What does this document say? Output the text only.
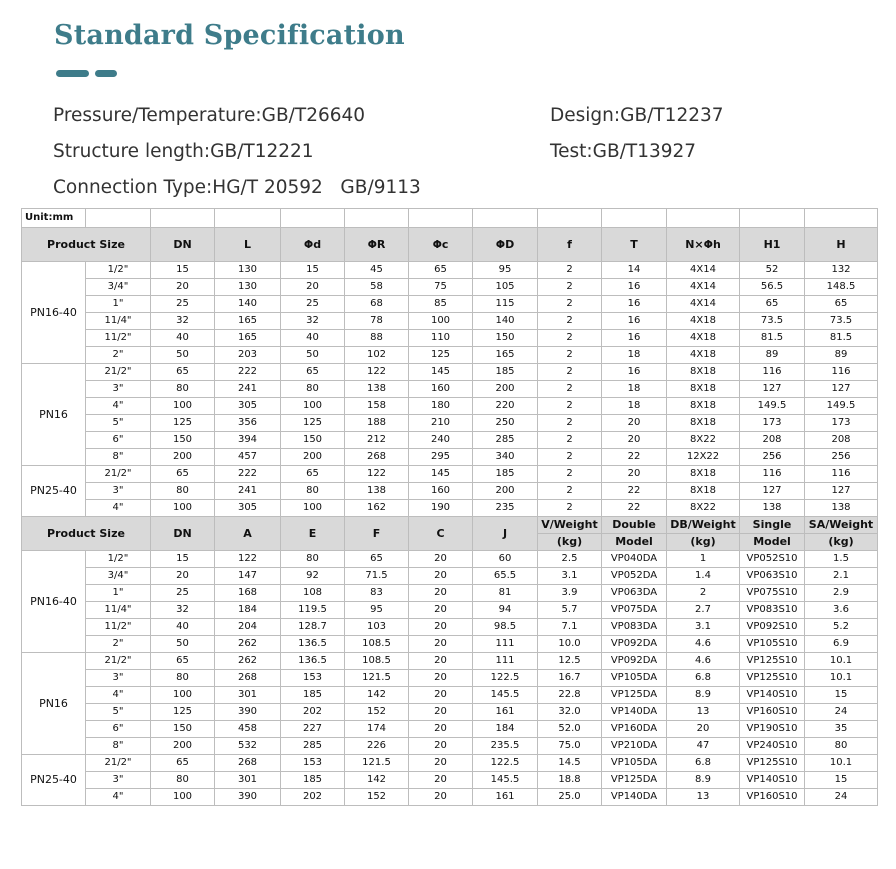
Standard Specification
Pressure/Temperature:GB/T26640	Design:GB/T12237
Structure length:GB/T12221	Test:GB/T13927
Connection Type:HG/T 20592   GB/9113
Unit:mm												
Product Size		DN	L	Φd	ΦR	Φc	ΦD	f	T	N×Φh	H1	H
PN16-40	1/2"	15	130	15	45	65	95	2	14	4X14	52	132
	3/4"	20	130	20	58	75	105	2	16	4X14	56.5	148.5
	1"	25	140	25	68	85	115	2	16	4X14	65	65
	11/4"	32	165	32	78	100	140	2	16	4X18	73.5	73.5
	11/2"	40	165	40	88	110	150	2	16	4X18	81.5	81.5
	2"	50	203	50	102	125	165	2	18	4X18	89	89
PN16	21/2"	65	222	65	122	145	185	2	16	8X18	116	116
	3"	80	241	80	138	160	200	2	18	8X18	127	127
	4"	100	305	100	158	180	220	2	18	8X18	149.5	149.5
	5"	125	356	125	188	210	250	2	20	8X18	173	173
	6"	150	394	150	212	240	285	2	20	8X22	208	208
	8"	200	457	200	268	295	340	2	22	12X22	256	256
PN25-40	21/2"	65	222	65	122	145	185	2	20	8X18	116	116
	3"	80	241	80	138	160	200	2	22	8X18	127	127
	4"	100	305	100	162	190	235	2	22	8X22	138	138
Product Size		DN	A	E	F	C	J	V/Weight	Double	DB/Weight	Single	SA/Weight
								(kg)	Model	(kg)	Model	(kg)
PN16-40	1/2"	15	122	80	65	20	60	2.5	VP040DA	1	VP052S10	1.5
	3/4"	20	147	92	71.5	20	65.5	3.1	VP052DA	1.4	VP063S10	2.1
	1"	25	168	108	83	20	81	3.9	VP063DA	2	VP075S10	2.9
	11/4"	32	184	119.5	95	20	94	5.7	VP075DA	2.7	VP083S10	3.6
	11/2"	40	204	128.7	103	20	98.5	7.1	VP083DA	3.1	VP092S10	5.2
	2"	50	262	136.5	108.5	20	111	10.0	VP092DA	4.6	VP105S10	6.9
PN16	21/2"	65	262	136.5	108.5	20	111	12.5	VP092DA	4.6	VP125S10	10.1
	3"	80	268	153	121.5	20	122.5	16.7	VP105DA	6.8	VP125S10	10.1
	4"	100	301	185	142	20	145.5	22.8	VP125DA	8.9	VP140S10	15
	5"	125	390	202	152	20	161	32.0	VP140DA	13	VP160S10	24
	6"	150	458	227	174	20	184	52.0	VP160DA	20	VP190S10	35
	8"	200	532	285	226	20	235.5	75.0	VP210DA	47	VP240S10	80
PN25-40	21/2"	65	268	153	121.5	20	122.5	14.5	VP105DA	6.8	VP125S10	10.1
	3"	80	301	185	142	20	145.5	18.8	VP125DA	8.9	VP140S10	15
	4"	100	390	202	152	20	161	25.0	VP140DA	13	VP160S10	24
